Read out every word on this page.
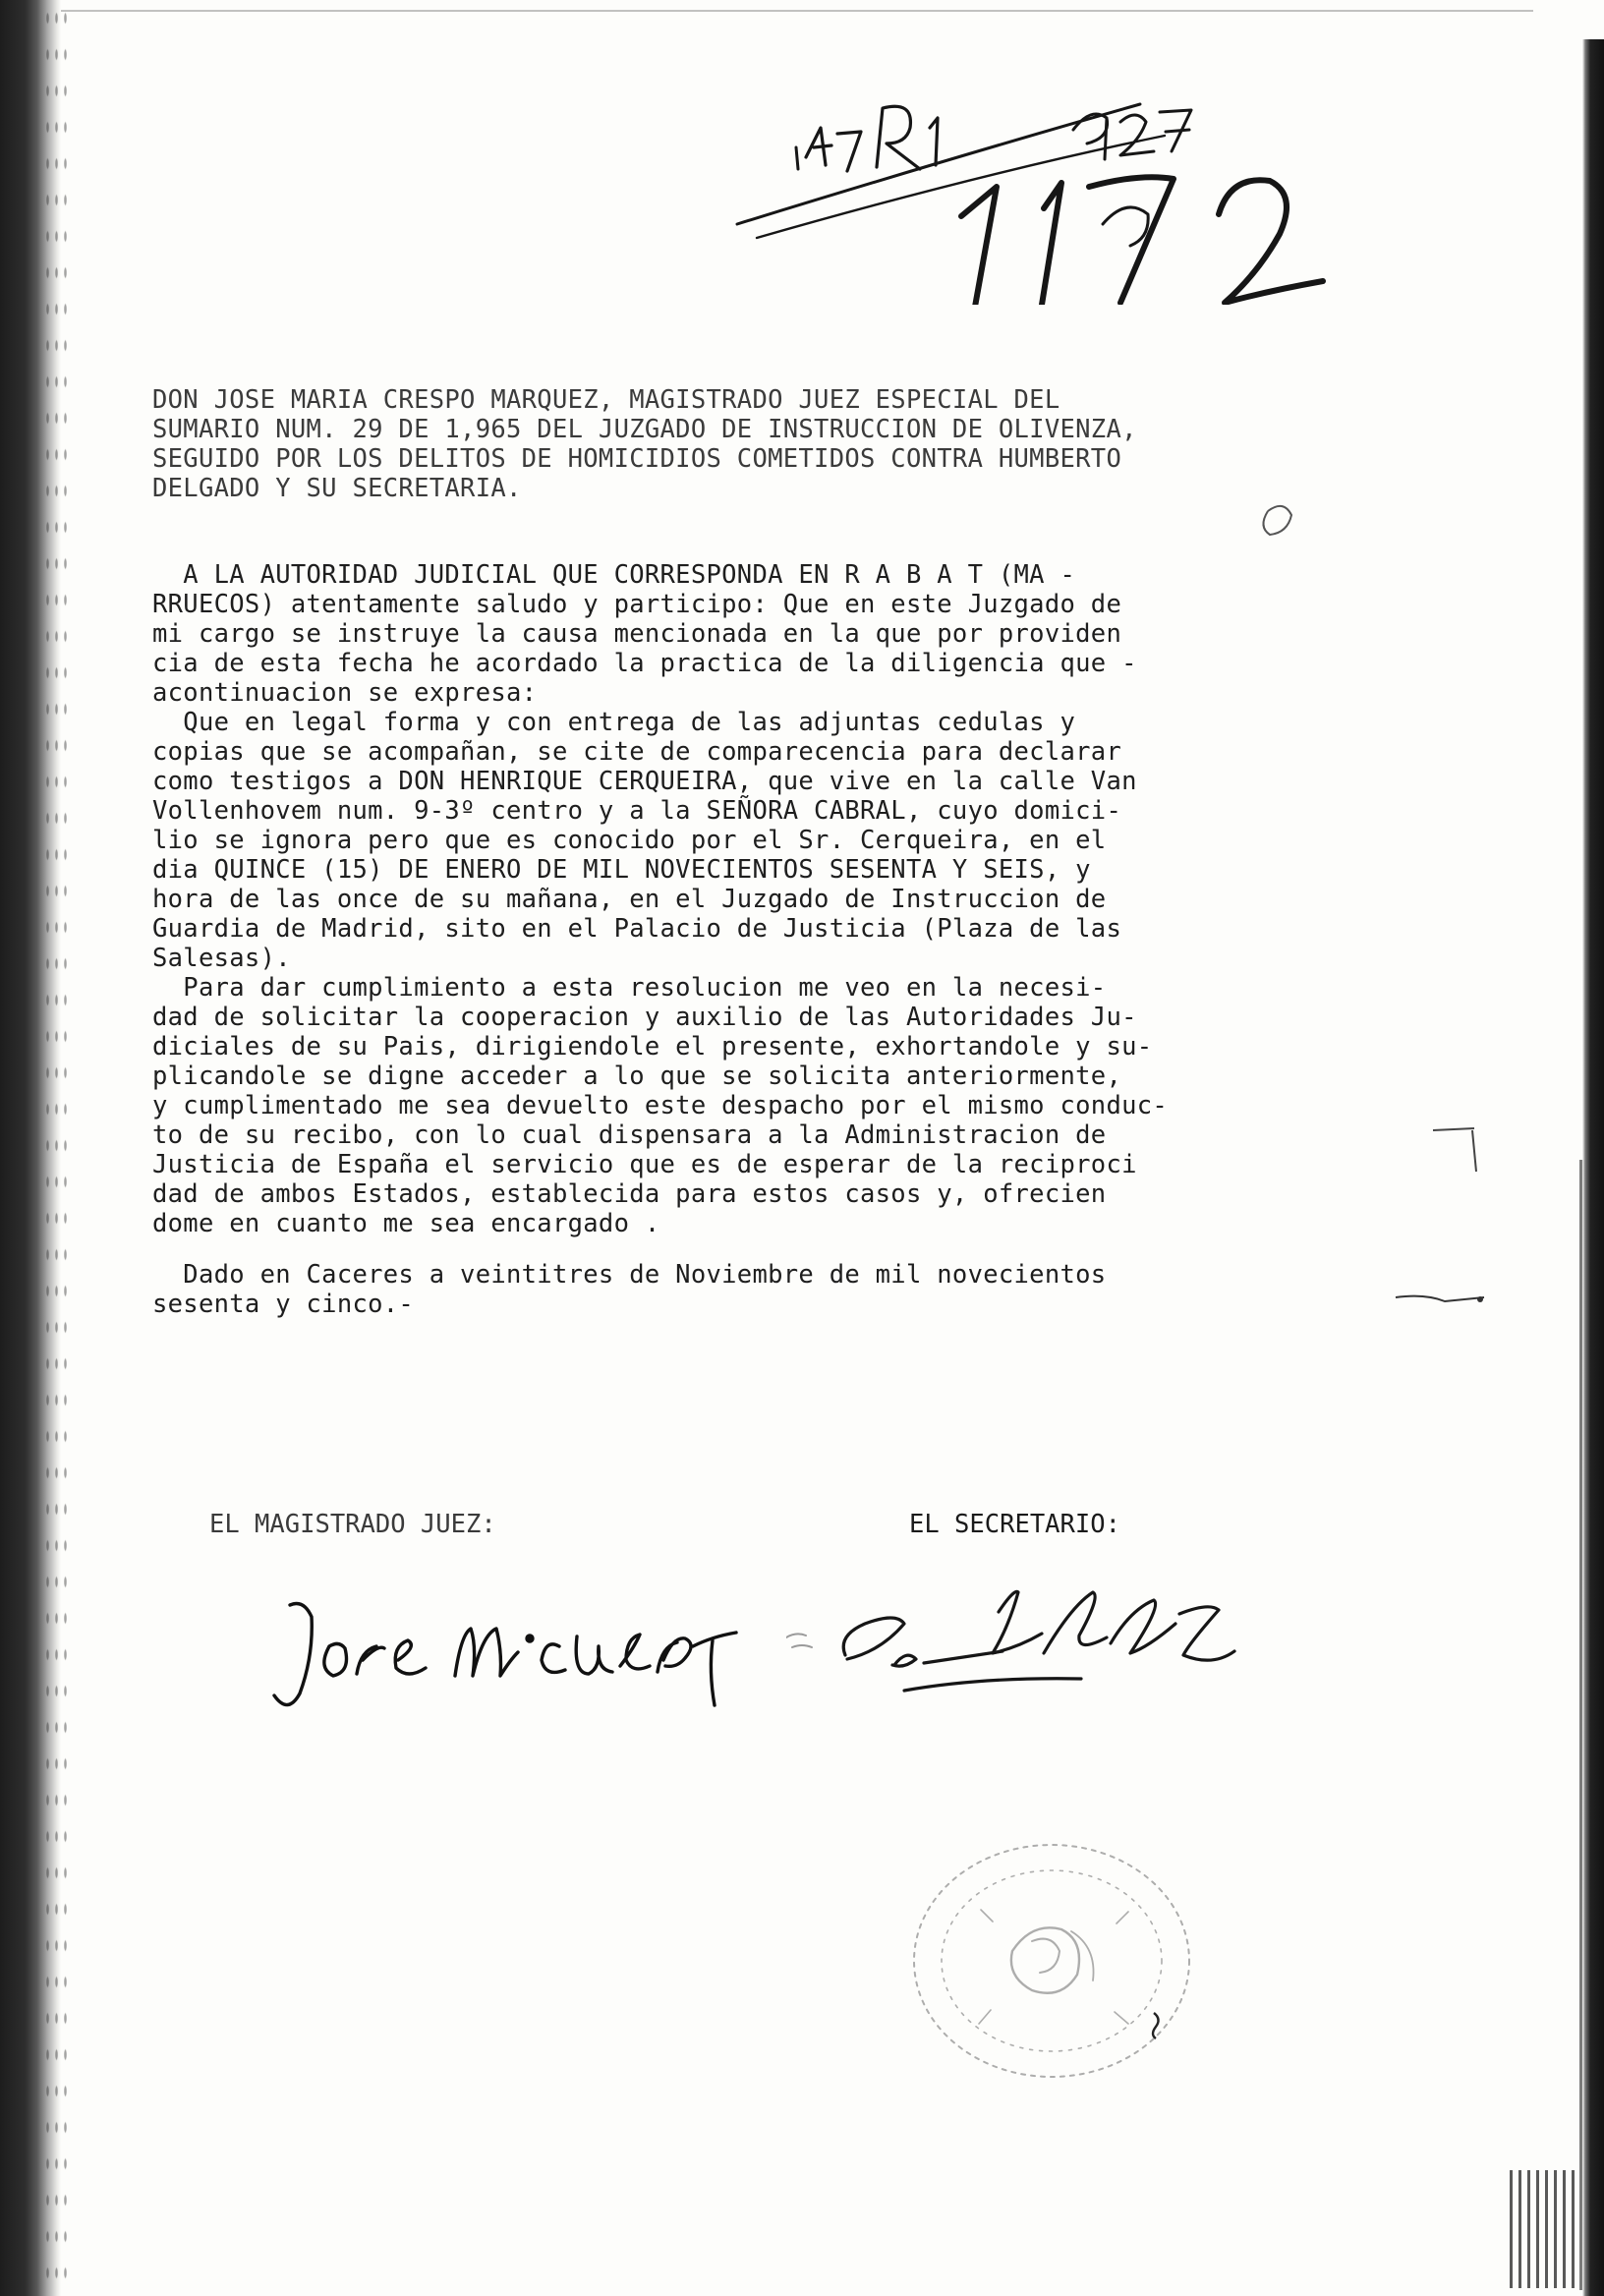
DON JOSE MARIA CRESPO MARQUEZ, MAGISTRADO JUEZ ESPECIAL DEL
SUMARIO NUM. 29 DE 1,965 DEL JUZGADO DE INSTRUCCION DE OLIVENZA,
SEGUIDO POR LOS DELITOS DE HOMICIDIOS COMETIDOS CONTRA HUMBERTO
DELGADO Y SU SECRETARIA.
A LA AUTORIDAD JUDICIAL QUE CORRESPONDA EN R A B A T (MA -
RRUECOS) atentamente saludo y participo: Que en este Juzgado de
mi cargo se instruye la causa mencionada en la que por providen
cia de esta fecha he acordado la practica de la diligencia que -
acontinuacion se expresa:
Que en legal forma y con entrega de las adjuntas cedulas y
copias que se acompañan, se cite de comparecencia para declarar
como testigos a DON HENRIQUE CERQUEIRA, que vive en la calle Van
Vollenhovem num. 9-3º centro y a la SEÑORA CABRAL, cuyo domici-
lio se ignora pero que es conocido por el Sr. Cerqueira, en el
dia QUINCE (15) DE ENERO DE MIL NOVECIENTOS SESENTA Y SEIS, y
hora de las once de su mañana, en el Juzgado de Instruccion de
Guardia de Madrid, sito en el Palacio de Justicia (Plaza de las
Salesas).
Para dar cumplimiento a esta resolucion me veo en la necesi-
dad de solicitar la cooperacion y auxilio de las Autoridades Ju-
diciales de su Pais, dirigiendole el presente, exhortandole y su-
plicandole se digne acceder a lo que se solicita anteriormente,
y cumplimentado me sea devuelto este despacho por el mismo conduc-
to de su recibo, con lo cual dispensara a la Administracion de
Justicia de España el servicio que es de esperar de la reciproci
dad de ambos Estados, establecida para estos casos y, ofrecien
dome en cuanto me sea encargado .
Dado en Caceres a veintitres de Noviembre de mil novecientos
sesenta y cinco.-
EL MAGISTRADO JUEZ:	EL SECRETARIO:
